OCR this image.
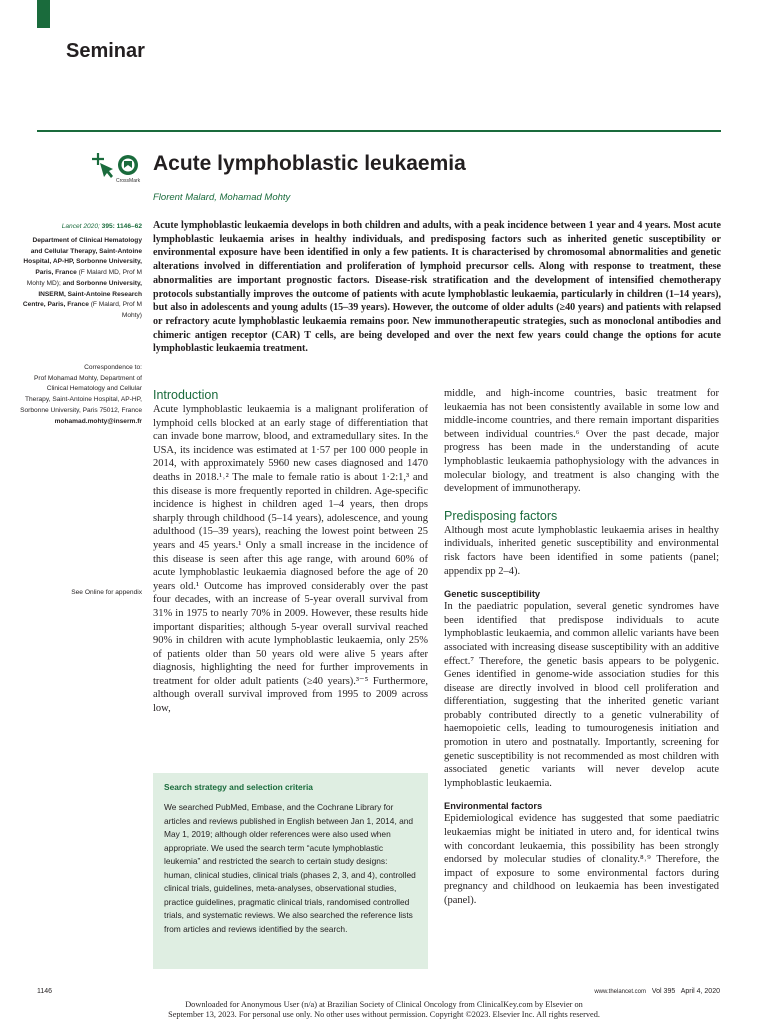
Seminar
CrossMark
Acute lymphoblastic leukaemia
Florent Malard, Mohamad Mohty
Lancet 2020; 395: 1146–62
Department of Clinical Hematology and Cellular Therapy, Saint-Antoine Hospital, AP-HP, Sorbonne University, Paris, France (F Malard MD, Prof M Mohty MD); and Sorbonne University, INSERM, Saint-Antoine Research Centre, Paris, France (F Malard, Prof M Mohty)
Correspondence to:
Prof Mohamad Mohty, Department of Clinical Hematology and Cellular Therapy, Saint-Antoine Hospital, AP-HP, Sorbonne University, Paris 75012, France
mohamad.mohty@inserm.fr
See Online for appendix

Acute lymphoblastic leukaemia develops in both children and adults, with a peak incidence between 1 year and 4 years. Most acute lymphoblastic leukaemia arises in healthy individuals, and predisposing factors such as inherited genetic susceptibility or environmental exposure have been identified in only a few patients. It is characterised by chromosomal abnormalities and genetic alterations involved in differentiation and proliferation of lymphoid precursor cells. Along with response to treatment, these abnormalities are important prognostic factors. Disease-risk stratification and the development of intensified chemotherapy protocols substantially improves the outcome of patients with acute lymphoblastic leukaemia, particularly in children (1–14 years), but also in adolescents and young adults (15–39 years). However, the outcome of older adults (≥40 years) and patients with relapsed or refractory acute lymphoblastic leukaemia remains poor. New immunotherapeutic strategies, such as monoclonal antibodies and chimeric antigen receptor (CAR) T cells, are being developed and over the next few years could change the options for acute lymphoblastic leukaemia treatment.

Introduction

Acute lymphoblastic leukaemia is a malignant proliferation of lymphoid cells blocked at an early stage of differentiation that can invade bone marrow, blood, and extramedullary sites. In the USA, its incidence was estimated at 1·57 per 100 000 people in 2014, with approximately 5960 new cases diagnosed and 1470 deaths in 2018.¹˒² The male to female ratio is about 1·2:1,³ and this disease is more frequently reported in children. Age-specific incidence is highest in children aged 1–4 years, then drops sharply through childhood (5–14 years), adolescence, and young adulthood (15–39 years), reaching the lowest point between 25 years and 45 years.¹ Only a small increase in the incidence of this disease is seen after this age range, with around 60% of acute lymphoblastic leukaemia diagnosed before the age of 20 years old.¹ Outcome has improved considerably over the past four decades, with an increase of 5-year overall survival from 31% in 1975 to nearly 70% in 2009. However, these results hide important disparities; although 5-year overall survival reached 90% in children with acute lymphoblastic leukaemia, only 25% of patients older than 50 years old were alive 5 years after diagnosis, highlighting the need for further improvements in treatment for older adult patients (≥40 years).³⁻⁵ Furthermore, although overall survival improved from 1995 to 2009 across low,

Search strategy and selection criteria
We searched PubMed, Embase, and the Cochrane Library for articles and reviews published in English between Jan 1, 2014, and May 1, 2019; although older references were also used when appropriate. We used the search term “acute lymphoblastic leukemia” and restricted the search to certain study designs: human, clinical studies, clinical trials (phases 2, 3, and 4), controlled clinical trials, guidelines, meta-analyses, observational studies, practice guidelines, pragmatic clinical trials, randomised controlled trials, and systematic reviews. We also searched the reference lists from articles and reviews identified by the search.

middle, and high-income countries, basic treatment for leukaemia has not been consistently available in some low and middle-income countries, and there remain important disparities between individual countries.⁶ Over the past decade, major progress has been made in the understanding of acute lymphoblastic leukaemia pathophysiology with the advances in molecular biology, and treatment is also changing with the development of immunotherapy.

Predisposing factors

Although most acute lymphoblastic leukaemia arises in healthy individuals, inherited genetic susceptibility and environmental risk factors have been identified in some patients (panel; appendix pp 2–4).

Genetic susceptibility

In the paediatric population, several genetic syndromes have been identified that predispose individuals to acute lymphoblastic leukaemia, and common allelic variants have been associated with increasing disease susceptibility with an additive effect.⁷ Therefore, the genetic basis appears to be polygenic. Genes identified in genome-wide association studies for this disease are directly involved in blood cell proliferation and differentiation, suggesting that the inherited genetic variant probably contributed directly to a genetic vulnerability of haemopoietic cells, leading to tumourogenesis initiation and promotion in utero and postnatally. Importantly, screening for genetic susceptibility is not recommended as most children with associated genetic variants will never develop acute lymphoblastic leukaemia.

Environmental factors

Epidemiological evidence has suggested that some paediatric leukaemias might be initiated in utero and, for identical twins with concordant leukaemia, this possibility has been strongly endorsed by molecular studies of clonality.⁸˒⁹ Therefore, the impact of exposure to some environmental factors during pregnancy and childhood on leukaemia has been investigated (panel).

1146	www.thelancet.com Vol 395 April 4, 2020
Downloaded for Anonymous User (n/a) at Brazilian Society of Clinical Oncology from ClinicalKey.com by Elsevier on
September 13, 2023. For personal use only. No other uses without permission. Copyright ©2023. Elsevier Inc. All rights reserved.
